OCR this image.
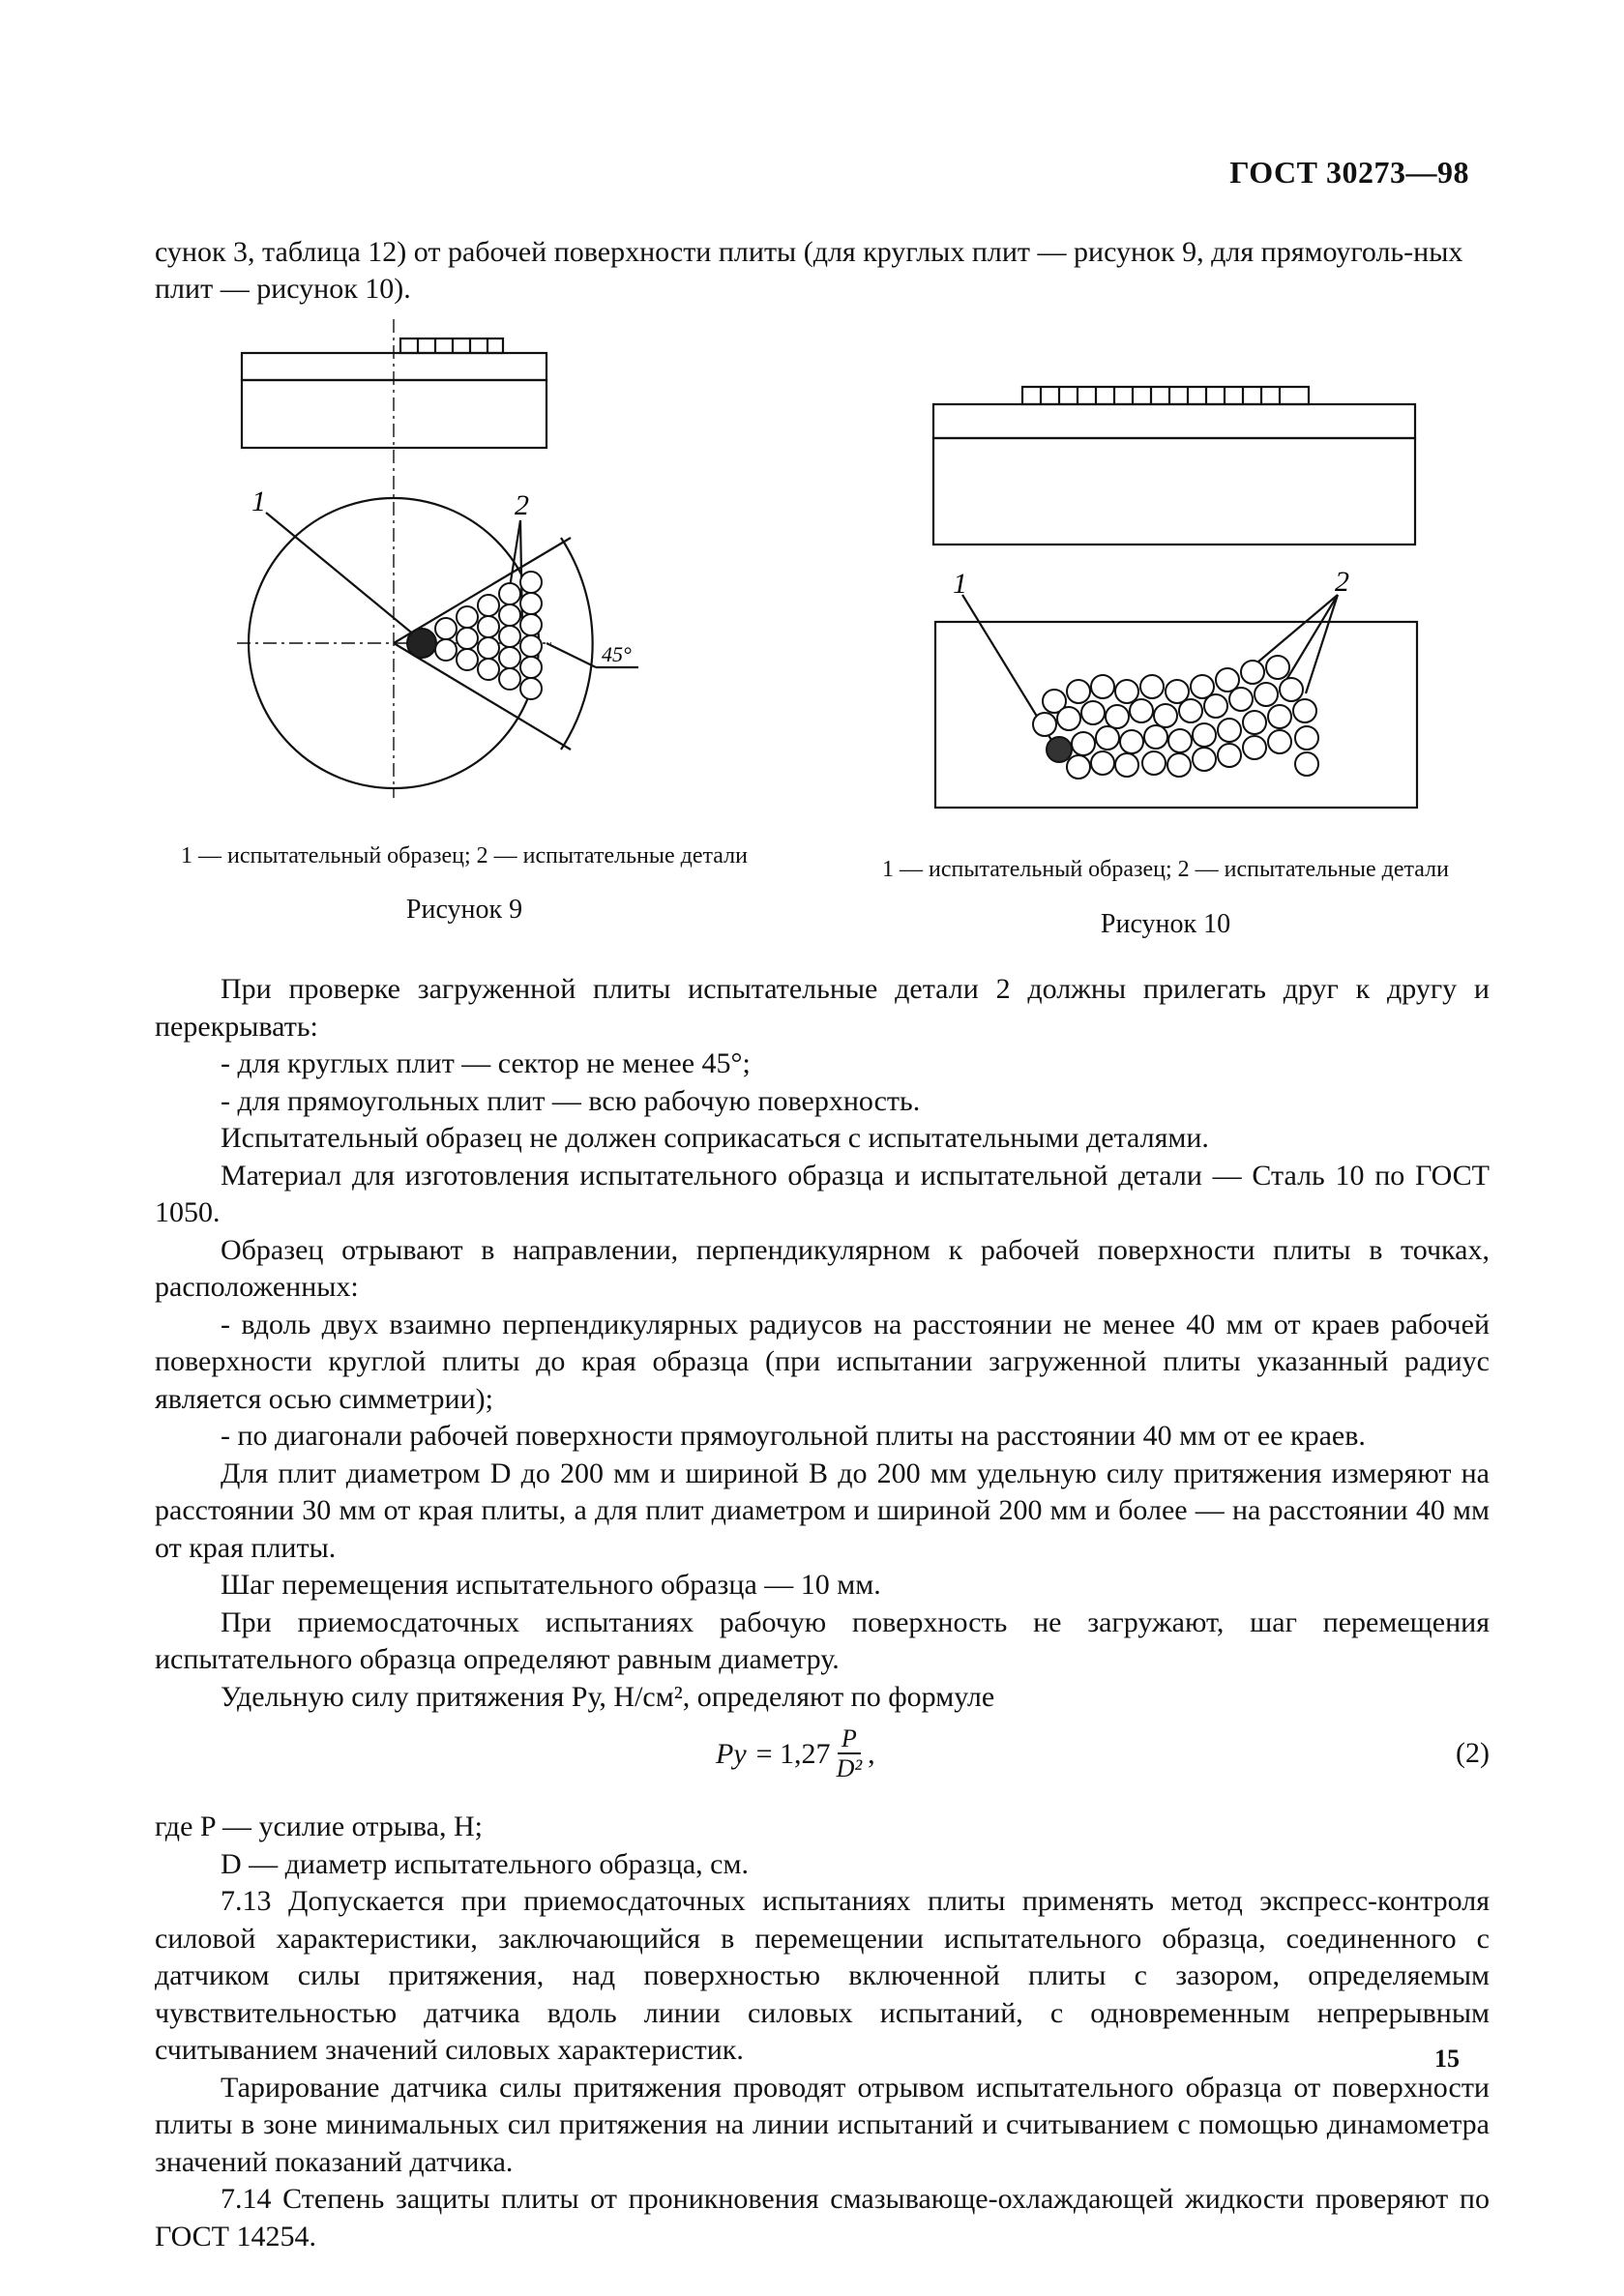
ГОСТ 30273—98
сунок 3, таблица 12) от рабочей поверхности плиты (для круглых плит — рисунок 9, для прямоуголь-ных плит — рисунок 10).
1	2
45°
1 — испытательный образец; 2 — испытательные детали
Рисунок 9
1	2
1 — испытательный образец; 2 — испытательные детали
Рисунок 10

При проверке загруженной плиты испытательные детали 2 должны прилегать друг к другу и перекрывать:

- для круглых плит — сектор не менее 45°;

- для прямоугольных плит — всю рабочую поверхность.

Испытательный образец не должен соприкасаться с испытательными деталями.

Материал для изготовления испытательного образца и испытательной детали — Сталь 10 по ГОСТ 1050.

Образец отрывают в направлении, перпендикулярном к рабочей поверхности плиты в точках, расположенных:

- вдоль двух взаимно перпендикулярных радиусов на расстоянии не менее 40 мм от краев рабочей поверхности круглой плиты до края образца (при испытании загруженной плиты указанный радиус является осью симметрии);

- по диагонали рабочей поверхности прямоугольной плиты на расстоянии 40 мм от ее краев.

Для плит диаметром D до 200 мм и шириной B до 200 мм удельную силу притяжения измеряют на расстоянии 30 мм от края плиты, а для плит диаметром и шириной 200 мм и более — на расстоянии 40 мм от края плиты.

Шаг перемещения испытательного образца — 10 мм.

При приемосдаточных испытаниях рабочую поверхность не загружают, шаг перемещения испытательного образца определяют равным диаметру.

Удельную силу притяжения Pу, Н/см², определяют по формуле

$Py = 1,27 \frac{P}{\text{D²}}$ ,	(2)

где P — усилие отрыва, Н;

D — диаметр испытательного образца, см.

7.13 Допускается при приемосдаточных испытаниях плиты применять метод экспресс-контроля силовой характеристики, заключающийся в перемещении испытательного образца, соединенного с датчиком силы притяжения, над поверхностью включенной плиты с зазором, определяемым чувствительностью датчика вдоль линии силовых испытаний, с одновременным непрерывным считыванием значений силовых характеристик.

Тарирование датчика силы притяжения проводят отрывом испытательного образца от поверхности плиты в зоне минимальных сил притяжения на линии испытаний и считыванием с помощью динамометра значений показаний датчика.

7.14 Степень защиты плиты от проникновения смазывающе-охлаждающей жидкости проверяют по ГОСТ 14254.

15
